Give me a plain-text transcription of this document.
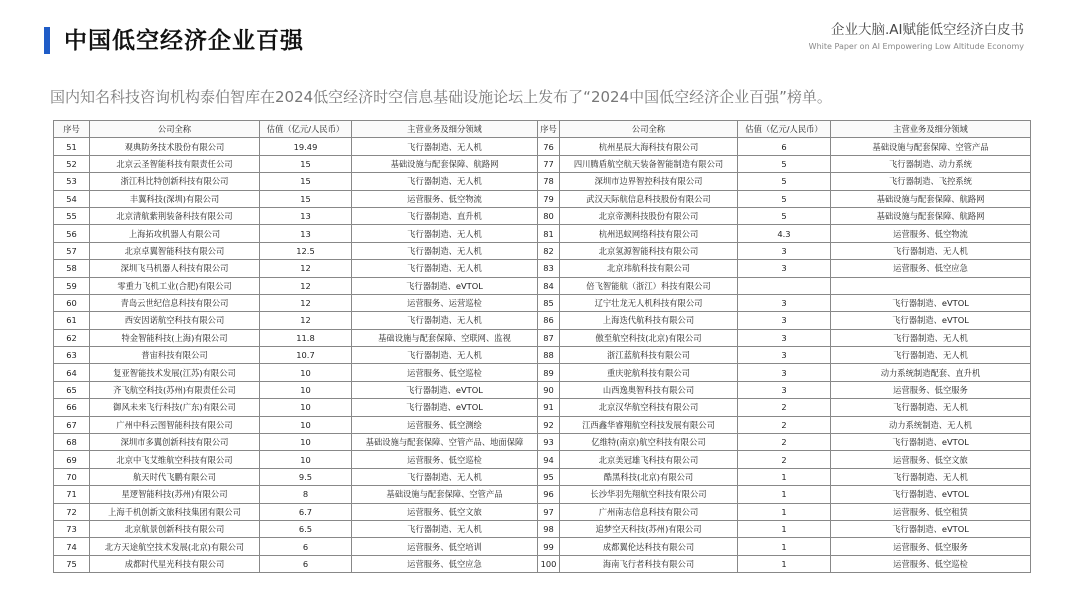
中国低空经济企业百强	企业大脑.AI赋能低空经济白皮书
White Paper on AI Empowering Low Altitude Economy
国内知名科技咨询机构泰伯智库在2024低空经济时空信息基础设施论坛上发布了“2024中国低空经济企业百强”榜单。
序号	公司全称	估值（亿元/人民币）	主营业务及细分领域	序号	公司全称	估值（亿元/人民币）	主营业务及细分领域
51	观典防务技术股份有限公司	19.49	飞行器制造、无人机	76	杭州星辰大海科技有限公司	6	基础设施与配套保障、空管产品
52	北京云圣智能科技有限责任公司	15	基础设施与配套保障、航路网	77	四川腾盾航空航天装备智能制造有限公司	5	飞行器制造、动力系统
53	浙江科比特创新科技有限公司	15	飞行器制造、无人机	78	深圳市边界智控科技有限公司	5	飞行器制造、飞控系统
54	丰翼科技(深圳)有限公司	15	运营服务、低空物流	79	武汉天际航信息科技股份有限公司	5	基础设施与配套保障、航路网
55	北京清航紫荆装备科技有限公司	13	飞行器制造、直升机	80	北京帝测科技股份有限公司	5	基础设施与配套保障、航路网
56	上海拓攻机器人有限公司	13	飞行器制造、无人机	81	杭州迅蚁网络科技有限公司	4.3	运营服务、低空物流
57	北京卓翼智能科技有限公司	12.5	飞行器制造、无人机	82	北京氢源智能科技有限公司	3	飞行器制造、无人机
58	深圳飞马机器人科技有限公司	12	飞行器制造、无人机	83	北京玮航科技有限公司	3	运营服务、低空应急
59	零重力飞机工业(合肥)有限公司	12	飞行器制造、eVTOL	84	倍飞智能航（浙江）科技有限公司		
60	青岛云世纪信息科技有限公司	12	运营服务、运营巡检	85	辽宁壮龙无人机科技有限公司	3	飞行器制造、eVTOL
61	西安因诺航空科技有限公司	12	飞行器制造、无人机	86	上海迭代航科技有限公司	3	飞行器制造、eVTOL
62	特金智能科技(上海)有限公司	11.8	基础设施与配套保障、空联网、监视	87	傲至航空科技(北京)有限公司	3	飞行器制造、无人机
63	普宙科技有限公司	10.7	飞行器制造、无人机	88	浙江蓝航科技有限公司	3	飞行器制造、无人机
64	复亚智能技术发展(江苏)有限公司	10	运营服务、低空巡检	89	重庆驼航科技有限公司	3	动力系统制造配套、直升机
65	齐飞航空科技(苏州)有限责任公司	10	飞行器制造、eVTOL	90	山西逸奥智科技有限公司	3	运营服务、低空服务
66	御风未来飞行科技(广东)有限公司	10	飞行器制造、eVTOL	91	北京汉华航空科技有限公司	2	飞行器制造、无人机
67	广州中科云图智能科技有限公司	10	运营服务、低空测绘	92	江西鑫华睿翔航空科技发展有限公司	2	动力系统制造、无人机
68	深圳市多翼创新科技有限公司	10	基础设施与配套保障、空管产品、地面保障	93	亿维特(南京)航空科技有限公司	2	飞行器制造、eVTOL
69	北京中飞艾维航空科技有限公司	10	运营服务、低空巡检	94	北京美冠雄飞科技有限公司	2	运营服务、低空文旅
70	航天时代飞鹏有限公司	9.5	飞行器制造、无人机	95	酷黑科技(北京)有限公司	1	飞行器制造、无人机
71	星逻智能科技(苏州)有限公司	8	基础设施与配套保障、空管产品	96	长沙华羽先翔航空科技有限公司	1	飞行器制造、eVTOL
72	上海千机创新文旅科技集团有限公司	6.7	运营服务、低空文旅	97	广州南志信息科技有限公司	1	运营服务、低空租赁
73	北京航景创新科技有限公司	6.5	飞行器制造、无人机	98	追梦空天科技(苏州)有限公司	1	飞行器制造、eVTOL
74	北方天途航空技术发展(北京)有限公司	6	运营服务、低空培训	99	成都翼伦达科技有限公司	1	运营服务、低空服务
75	成都时代星光科技有限公司	6	运营服务、低空应急	100	海南飞行者科技有限公司	1	运营服务、低空巡检
